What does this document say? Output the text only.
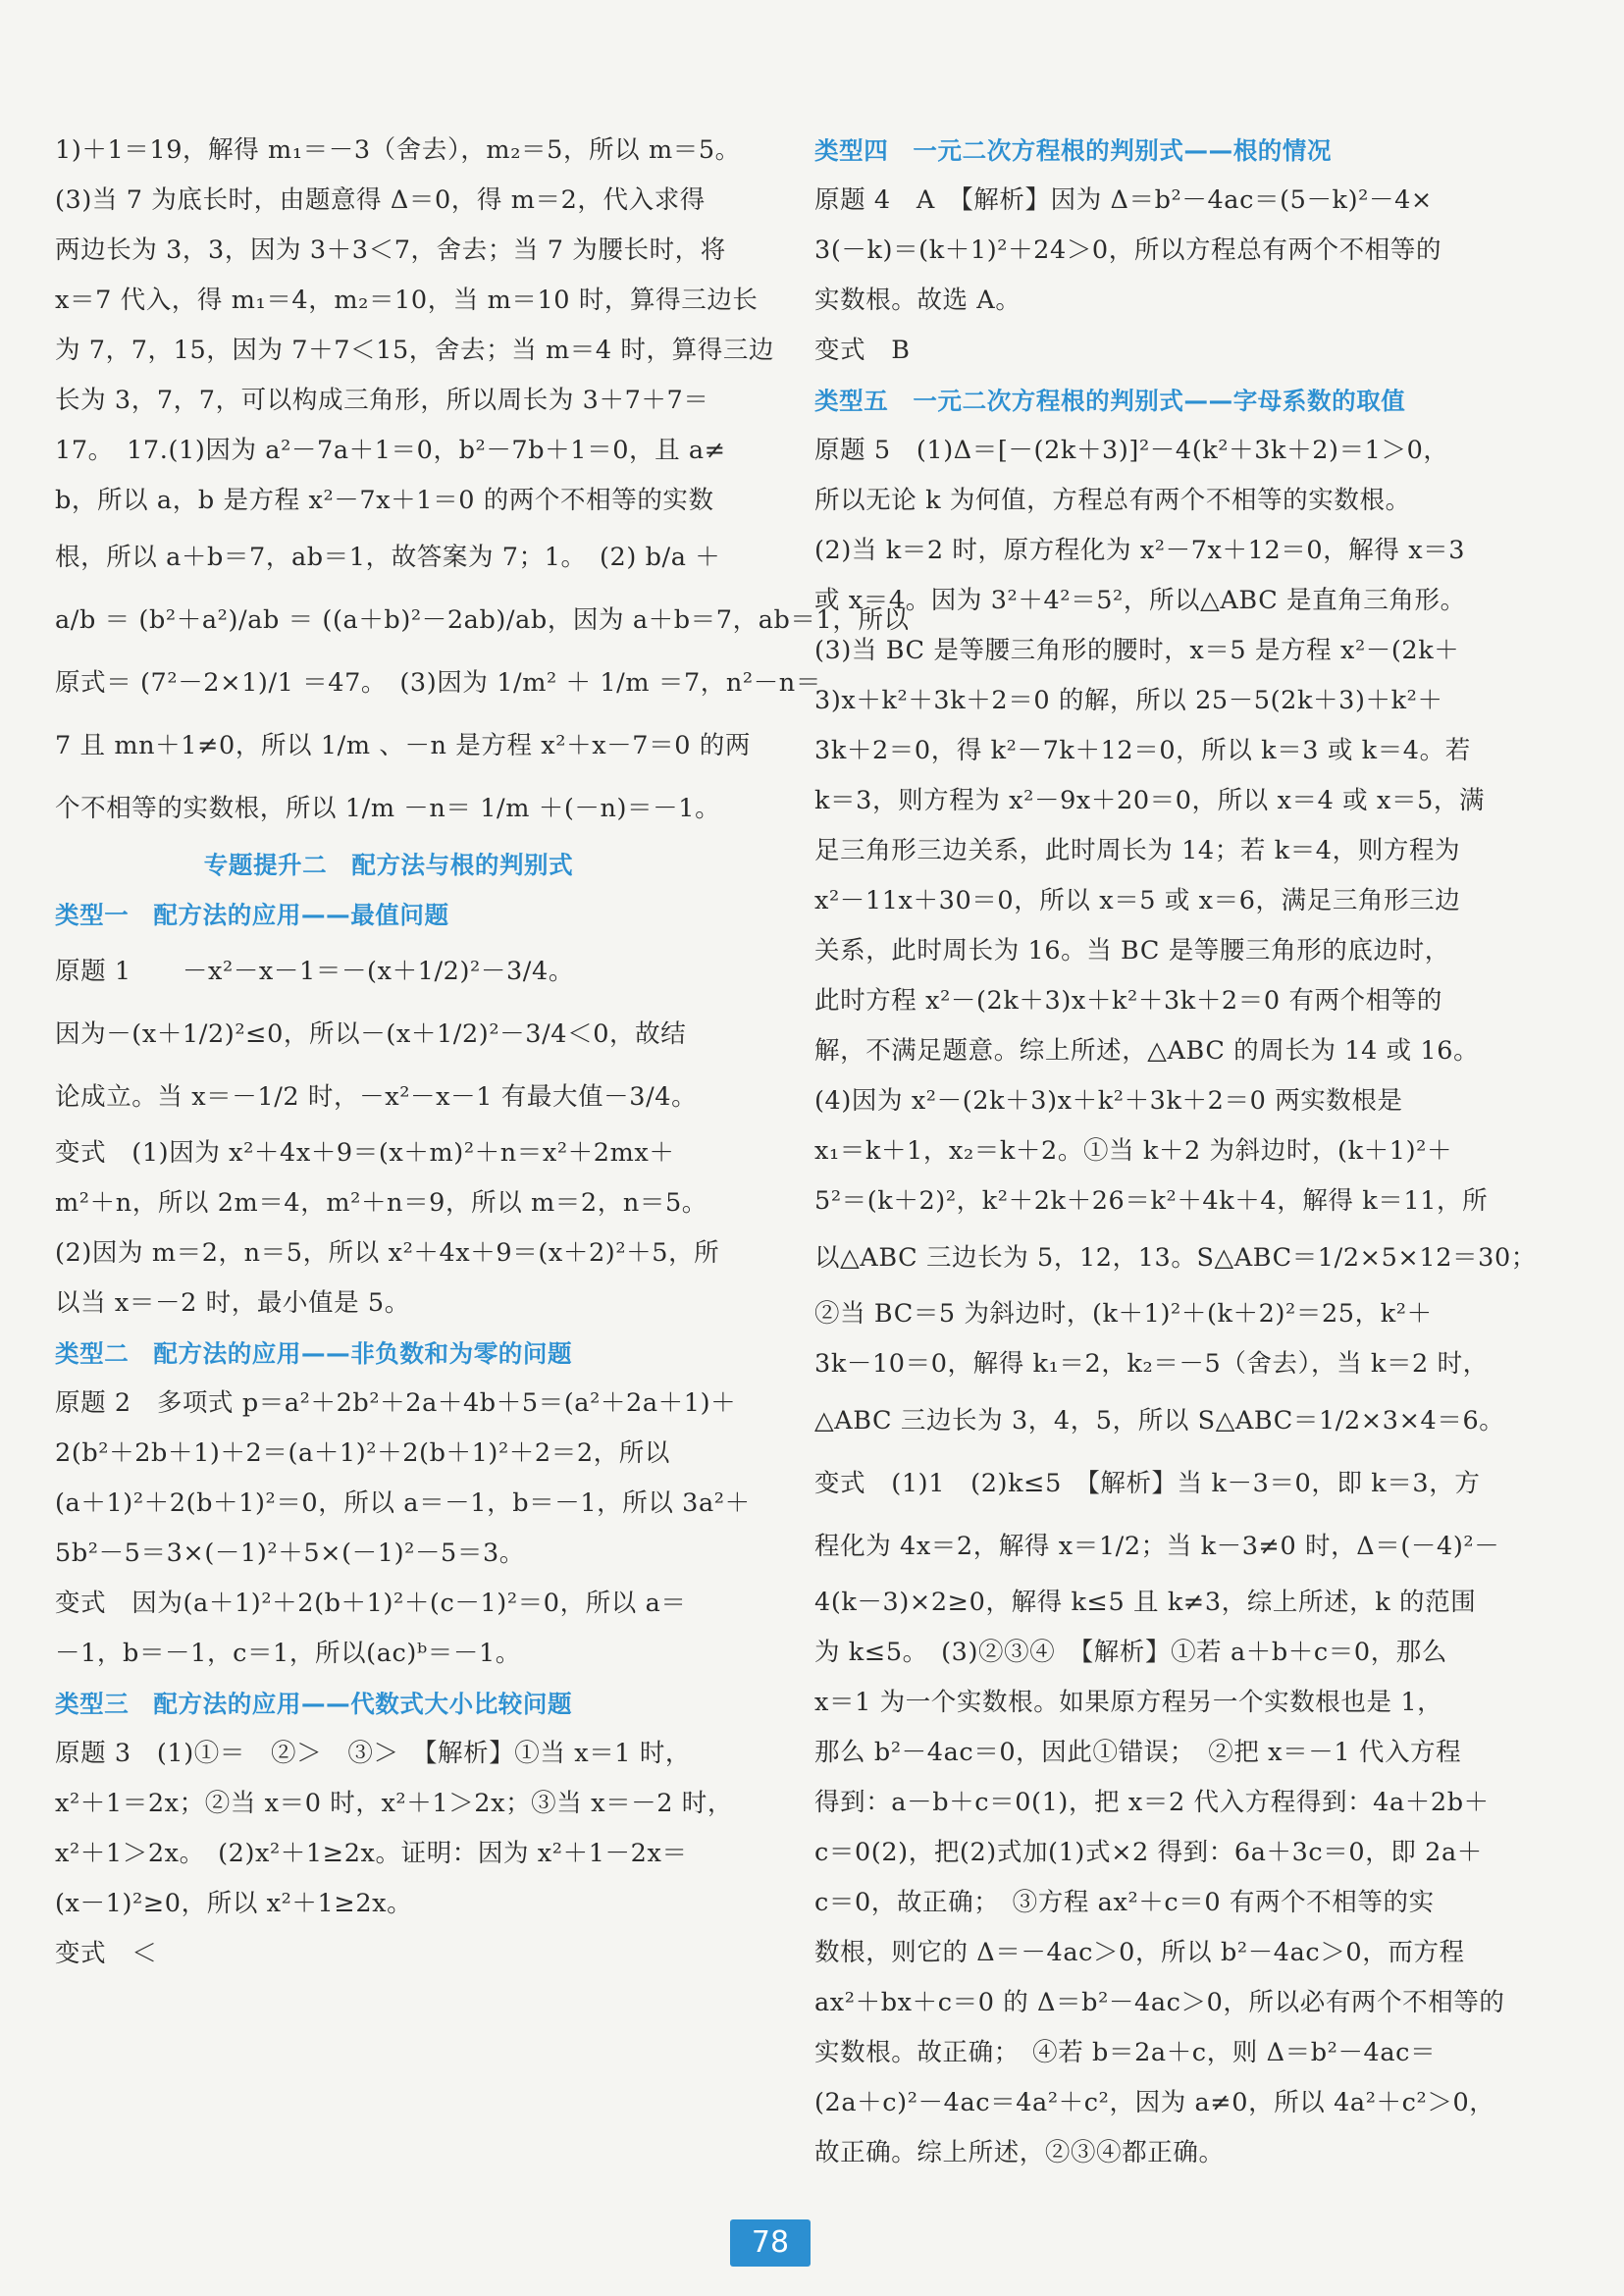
1)＋1＝19，解得 m₁＝－3（舍去），m₂＝5，所以 m＝5。
(3)当 7 为底长时，由题意得 Δ＝0，得 m＝2，代入求得
两边长为 3，3，因为 3＋3＜7，舍去；当 7 为腰长时，将
x＝7 代入，得 m₁＝4，m₂＝10，当 m＝10 时，算得三边长
为 7，7，15，因为 7＋7＜15，舍去；当 m＝4 时，算得三边
长为 3，7，7，可以构成三角形，所以周长为 3＋7＋7＝
17。　17.(1)因为 a²－7a＋1＝0，b²－7b＋1＝0，且 a≠
b，所以 a，b 是方程 x²－7x＋1＝0 的两个不相等的实数
根，所以 a＋b＝7，ab＝1，故答案为 7；1。　(2) b/a ＋
a/b ＝ (b²＋a²)/ab ＝ ((a＋b)²－2ab)/ab，因为 a＋b＝7，ab＝1，所以
原式＝ (7²－2×1)/1 ＝47。　(3)因为 1/m² ＋ 1/m ＝7，n²－n＝
7 且 mn＋1≠0，所以 1/m 、－n 是方程 x²＋x－7＝0 的两
个不相等的实数根，所以 1/m －n＝ 1/m ＋(－n)＝－1。
专题提升二　配方法与根的判别式
类型一　配方法的应用——最值问题
原题 1　　－x²－x－1＝－(x＋1/2)²－3/4。
因为－(x＋1/2)²≤0，所以－(x＋1/2)²－3/4＜0，故结
论成立。当 x＝－1/2 时，－x²－x－1 有最大值－3/4。
变式　(1)因为 x²＋4x＋9＝(x＋m)²＋n＝x²＋2mx＋
m²＋n，所以 2m＝4，m²＋n＝9，所以 m＝2，n＝5。
(2)因为 m＝2，n＝5，所以 x²＋4x＋9＝(x＋2)²＋5，所
以当 x＝－2 时，最小值是 5。
类型二　配方法的应用——非负数和为零的问题
原题 2　多项式 p＝a²＋2b²＋2a＋4b＋5＝(a²＋2a＋1)＋
2(b²＋2b＋1)＋2＝(a＋1)²＋2(b＋1)²＋2＝2，所以
(a＋1)²＋2(b＋1)²＝0，所以 a＝－1，b＝－1，所以 3a²＋
5b²－5＝3×(－1)²＋5×(－1)²－5＝3。
变式　因为(a＋1)²＋2(b＋1)²＋(c－1)²＝0，所以 a＝
－1，b＝－1，c＝1，所以(ac)ᵇ＝－1。
类型三　配方法的应用——代数式大小比较问题
原题 3　(1)①＝　②＞　③＞　【解析】①当 x＝1 时，
x²＋1＝2x；②当 x＝0 时，x²＋1＞2x；③当 x＝－2 时，
x²＋1＞2x。　(2)x²＋1≥2x。证明：因为 x²＋1－2x＝
(x－1)²≥0，所以 x²＋1≥2x。
变式　＜
类型四　一元二次方程根的判别式——根的情况
原题 4　A　【解析】因为 Δ＝b²－4ac＝(5－k)²－4×
3(－k)＝(k＋1)²＋24＞0，所以方程总有两个不相等的
实数根。故选 A。
变式　B
类型五　一元二次方程根的判别式——字母系数的取值
原题 5　(1)Δ＝[－(2k＋3)]²－4(k²＋3k＋2)＝1＞0，
所以无论 k 为何值，方程总有两个不相等的实数根。
(2)当 k＝2 时，原方程化为 x²－7x＋12＝0，解得 x＝3
或 x＝4。因为 3²＋4²＝5²，所以△ABC 是直角三角形。
(3)当 BC 是等腰三角形的腰时，x＝5 是方程 x²－(2k＋
3)x＋k²＋3k＋2＝0 的解，所以 25－5(2k＋3)＋k²＋
3k＋2＝0，得 k²－7k＋12＝0，所以 k＝3 或 k＝4。若
k＝3，则方程为 x²－9x＋20＝0，所以 x＝4 或 x＝5，满
足三角形三边关系，此时周长为 14；若 k＝4，则方程为
x²－11x＋30＝0，所以 x＝5 或 x＝6，满足三角形三边
关系，此时周长为 16。当 BC 是等腰三角形的底边时，
此时方程 x²－(2k＋3)x＋k²＋3k＋2＝0 有两个相等的
解，不满足题意。综上所述，△ABC 的周长为 14 或 16。
(4)因为 x²－(2k＋3)x＋k²＋3k＋2＝0 两实数根是
x₁＝k＋1，x₂＝k＋2。①当 k＋2 为斜边时，(k＋1)²＋
5²＝(k＋2)²，k²＋2k＋26＝k²＋4k＋4，解得 k＝11，所
以△ABC 三边长为 5，12，13。S△ABC＝1/2×5×12＝30；
②当 BC＝5 为斜边时，(k＋1)²＋(k＋2)²＝25，k²＋
3k－10＝0，解得 k₁＝2，k₂＝－5（舍去），当 k＝2 时，
△ABC 三边长为 3，4，5，所以 S△ABC＝1/2×3×4＝6。
变式　(1)1　(2)k≤5　【解析】当 k－3＝0，即 k＝3，方
程化为 4x＝2，解得 x＝1/2；当 k－3≠0 时，Δ＝(－4)²－
4(k－3)×2≥0，解得 k≤5 且 k≠3，综上所述，k 的范围
为 k≤5。　(3)②③④　【解析】①若 a＋b＋c＝0，那么
x＝1 为一个实数根。如果原方程另一个实数根也是 1，
那么 b²－4ac＝0，因此①错误；　②把 x＝－1 代入方程
得到：a－b＋c＝0(1)，把 x＝2 代入方程得到：4a＋2b＋
c＝0(2)，把(2)式加(1)式×2 得到：6a＋3c＝0，即 2a＋
c＝0，故正确；　③方程 ax²＋c＝0 有两个不相等的实
数根，则它的 Δ＝－4ac＞0，所以 b²－4ac＞0，而方程
ax²＋bx＋c＝0 的 Δ＝b²－4ac＞0，所以必有两个不相等的
实数根。故正确；　④若 b＝2a＋c，则 Δ＝b²－4ac＝
(2a＋c)²－4ac＝4a²＋c²，因为 a≠0，所以 4a²＋c²＞0，
故正确。综上所述，②③④都正确。
78
